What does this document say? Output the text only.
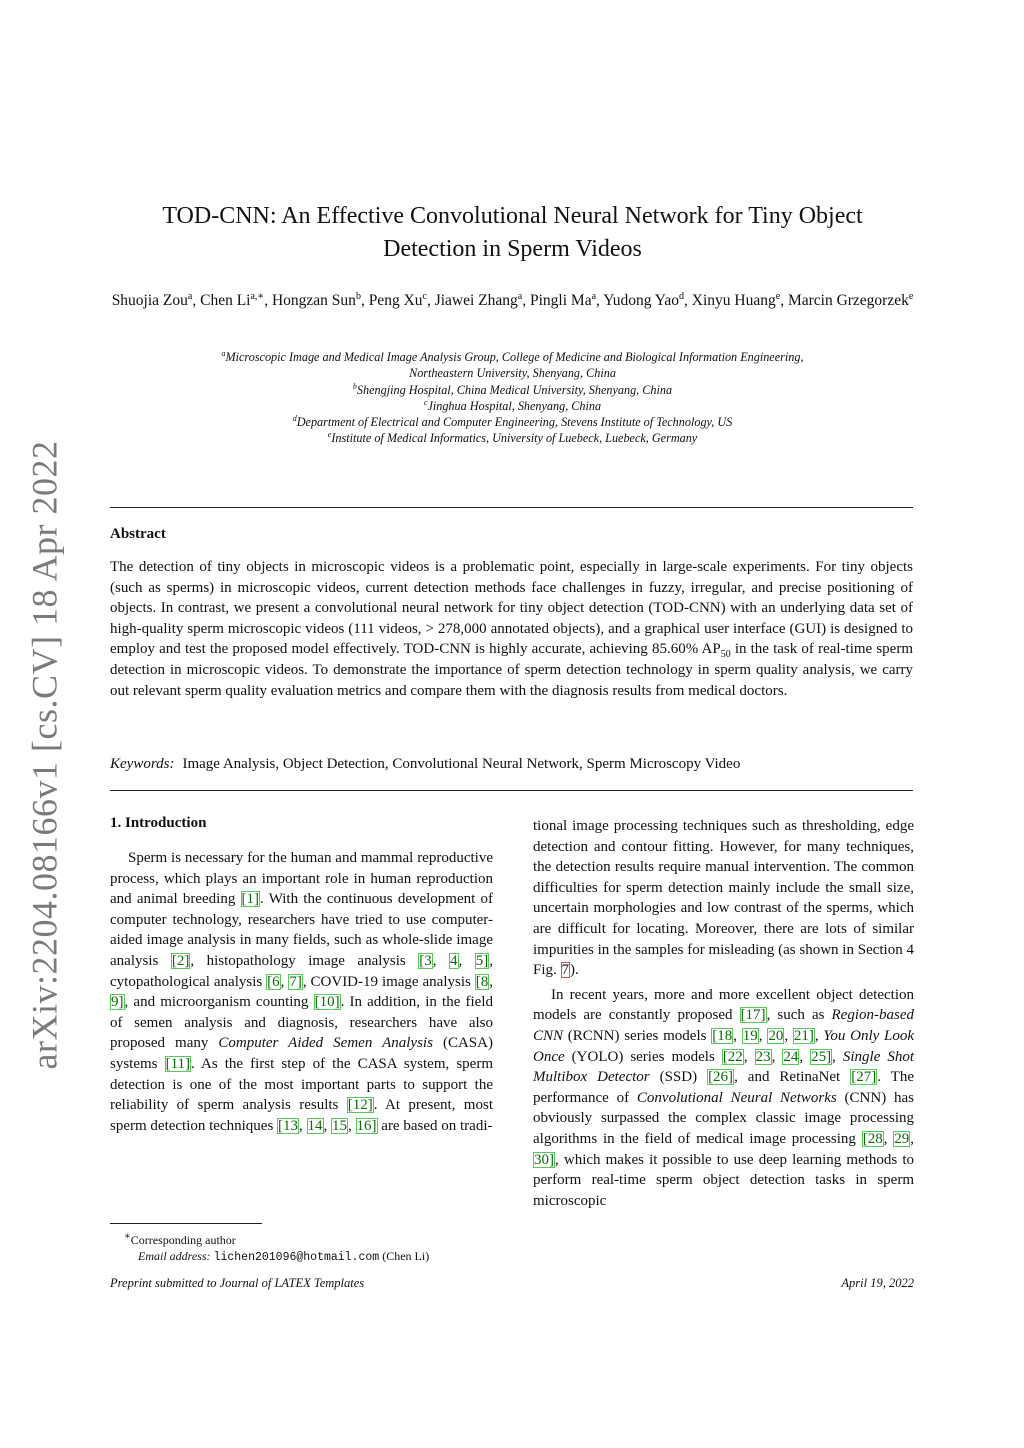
arXiv:2204.08166v1 [cs.CV] 18 Apr 2022
TOD-CNN: An Effective Convolutional Neural Network for Tiny Object
Detection in Sperm Videos
Shuojia Zou$^a$, Chen $Li^{a,∗}$, Hongzan Sun$^b$, Peng Xu$^c$, Jiawei Zhang$^a$, Pingli Ma$^a$, Yudong Yao$^d$, Xinyu Huang$^e$, Marcin Grzegorzek$^e$
$^a$Microscopic Image and Medical Image Analysis Group, College of Medicine and Biological Information Engineering,
Northeastern University, Shenyang, China
$^b$Shengjing Hospital, China Medical University, Shenyang, China
$^c$Jinghua Hospital, Shenyang, China
$^d$Department of Electrical and Computer Engineering, Stevens Institute of Technology, US
$^e$Institute of Medical Informatics, University of Luebeck, Luebeck, Germany
Abstract
The detection of tiny objects in microscopic videos is a problematic point, especially in large-scale experiments. For tiny objects (such as sperms) in microscopic videos, current detection methods face challenges in fuzzy, irregular, and precise positioning of objects. In contrast, we present a convolutional neural network for tiny object detection (TOD-CNN) with an underlying data set of high-quality sperm microscopic videos (111 videos, > 278,000 annotated objects), and a graphical user interface (GUI) is designed to employ and test the proposed model effectively. TOD-CNN is highly accurate, achieving 85.60% $AP_{50}$ in the task of real-time sperm detection in microscopic videos. To demonstrate the importance of sperm detection technology in sperm quality analysis, we carry out relevant sperm quality evaluation metrics and compare them with the diagnosis results from medical doctors.
Keywords: Image Analysis, Object Detection, Convolutional Neural Network, Sperm Microscopy Video
1. Introduction

Sperm is necessary for the human and mammal reproductive process, which plays an important role in human reproduction and animal breeding [1]. With the continuous development of computer technology, researchers have tried to use computer-aided image analysis in many fields, such as whole-slide image analysis [2], histopathology image analysis [3, 4, 5], cytopathological analysis [6, 7], COVID-19 image analysis [8, 9], and microorganism counting [10]. In addition, in the field of semen analysis and diagnosis, researchers have also proposed many Computer Aided Semen Analysis (CASA) systems [11]. As the first step of the CASA system, sperm detection is one of the most important parts to support the reliability of sperm analysis results [12]. At present, most sperm detection techniques [13, 14, 15, 16] are based on tradi-

tional image processing techniques such as thresholding, edge detection and contour fitting. However, for many techniques, the detection results require manual intervention. The common difficulties for sperm detection mainly include the small size, uncertain morphologies and low contrast of the sperms, which are difficult for locating. Moreover, there are lots of similar impurities in the samples for misleading (as shown in Section 4 Fig. 7).

In recent years, more and more excellent object detection models are constantly proposed [17], such as Region-based CNN (RCNN) series models [18, 19, 20, 21], You Only Look Once (YOLO) series models [22, 23, 24, 25], Single Shot Multibox Detector (SSD) [26], and RetinaNet [27]. The performance of Convolutional Neural Networks (CNN) has obviously surpassed the complex classic image processing algorithms in the field of medical image processing [28, 29, 30], which makes it possible to use deep learning methods to perform real-time sperm object detection tasks in sperm microscopic

∗Corresponding author
Email address: lichen201096@hotmail.com (Chen Li)
Preprint submitted to Journal of LATEX Templates	April 19, 2022
